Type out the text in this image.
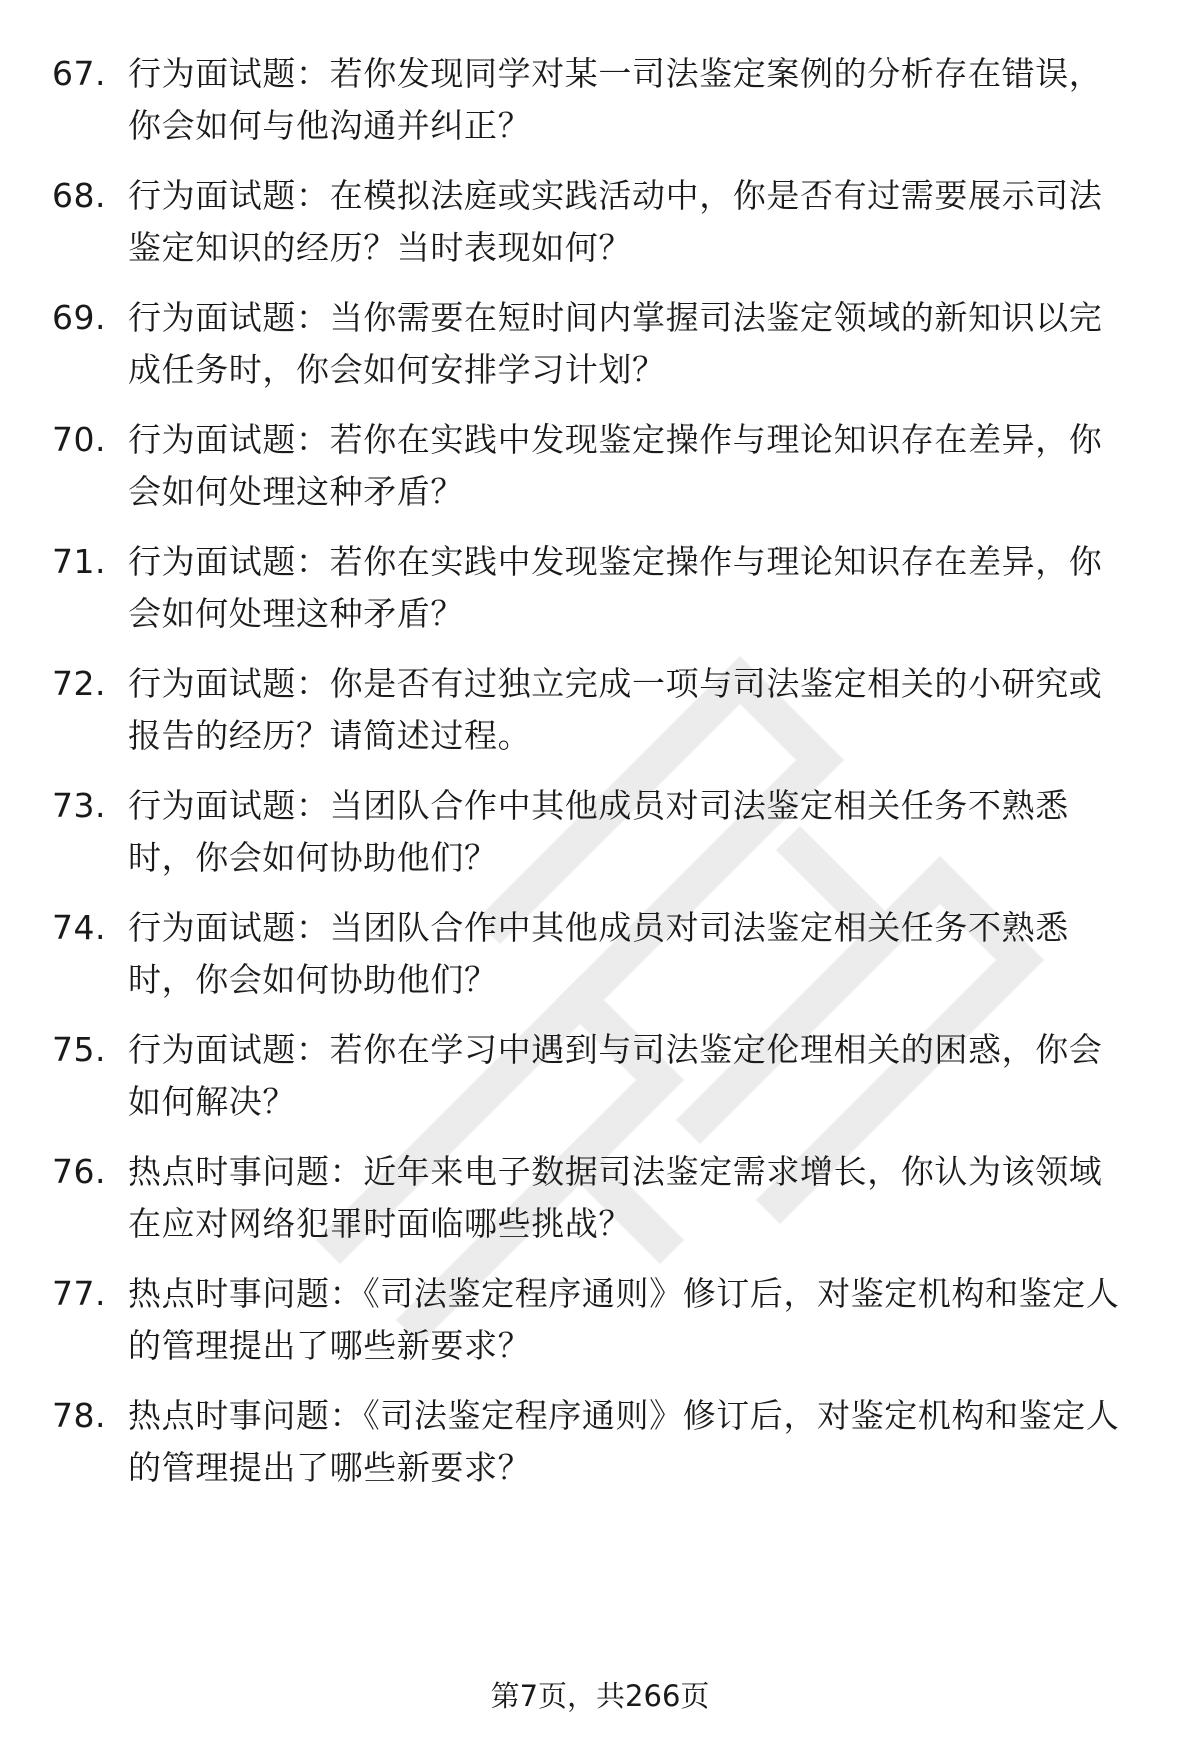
67. 行为面试题：若你发现同学对某一司法鉴定案例的分析存在错误，你会如何与他沟通并纠正？
68. 行为面试题：在模拟法庭或实践活动中，你是否有过需要展示司法鉴定知识的经历？当时表现如何？
69. 行为面试题：当你需要在短时间内掌握司法鉴定领域的新知识以完成任务时，你会如何安排学习计划？
70. 行为面试题：若你在实践中发现鉴定操作与理论知识存在差异，你会如何处理这种矛盾？
71. 行为面试题：若你在实践中发现鉴定操作与理论知识存在差异，你会如何处理这种矛盾？
72. 行为面试题：你是否有过独立完成一项与司法鉴定相关的小研究或报告的经历？请简述过程。
73. 行为面试题：当团队合作中其他成员对司法鉴定相关任务不熟悉时，你会如何协助他们？
74. 行为面试题：当团队合作中其他成员对司法鉴定相关任务不熟悉时，你会如何协助他们？
75. 行为面试题：若你在学习中遇到与司法鉴定伦理相关的困惑，你会如何解决？
76. 热点时事问题：近年来电子数据司法鉴定需求增长，你认为该领域在应对网络犯罪时面临哪些挑战？
77. 热点时事问题：《司法鉴定程序通则》修订后，对鉴定机构和鉴定人的管理提出了哪些新要求？
78. 热点时事问题：《司法鉴定程序通则》修订后，对鉴定机构和鉴定人的管理提出了哪些新要求？
第7页，共266页
